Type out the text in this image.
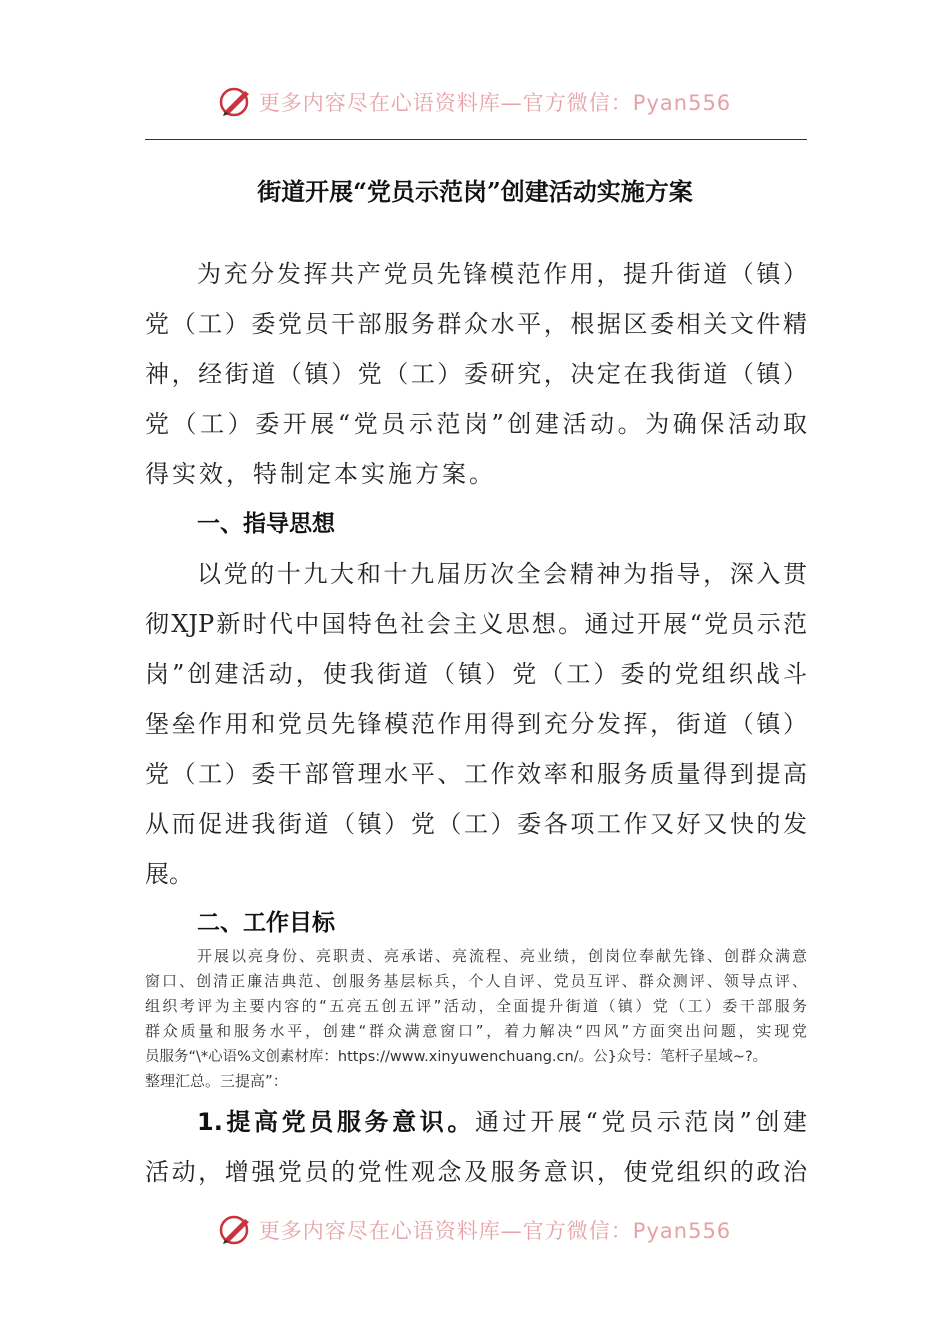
更多内容尽在心语资料库—官方微信：Pyan556
街道开展“党员示范岗”创建活动实施方案
为充分发挥共产党员先锋模范作用，提升街道（镇）
党（工）委党员干部服务群众水平，根据区委相关文件精
神，经街道（镇）党（工）委研究，决定在我街道（镇）
党（工）委开展“党员示范岗”创建活动。为确保活动取
得实效，特制定本实施方案。
一、指导思想
以党的十九大和十九届历次全会精神为指导，深入贯
彻XJP新时代中国特色社会主义思想。通过开展“党员示范
岗”创建活动，使我街道（镇）党（工）委的党组织战斗
堡垒作用和党员先锋模范作用得到充分发挥，街道（镇）
党（工）委干部管理水平、工作效率和服务质量得到提高
从而促进我街道（镇）党（工）委各项工作又好又快的发
展。
二、工作目标
开展以亮身份、亮职责、亮承诺、亮流程、亮业绩，创岗位奉献先锋、创群众满意
窗口、创清正廉洁典范、创服务基层标兵，个人自评、党员互评、群众测评、领导点评、
组织考评为主要内容的“五亮五创五评”活动，全面提升街道（镇）党（工）委干部服务
群众质量和服务水平，创建“群众满意窗口”，着力解决“四风”方面突出问题，实现党
员服务“\*心语%文创素材库：https://www.xinyuwenchuang.cn/。公}众号：笔杆子星域~?。
整理汇总。三提高”：
1.提高党员服务意识。通过开展“党员示范岗”创建
活动，增强党员的党性观念及服务意识，使党组织的政治
更多内容尽在心语资料库—官方微信：Pyan556
